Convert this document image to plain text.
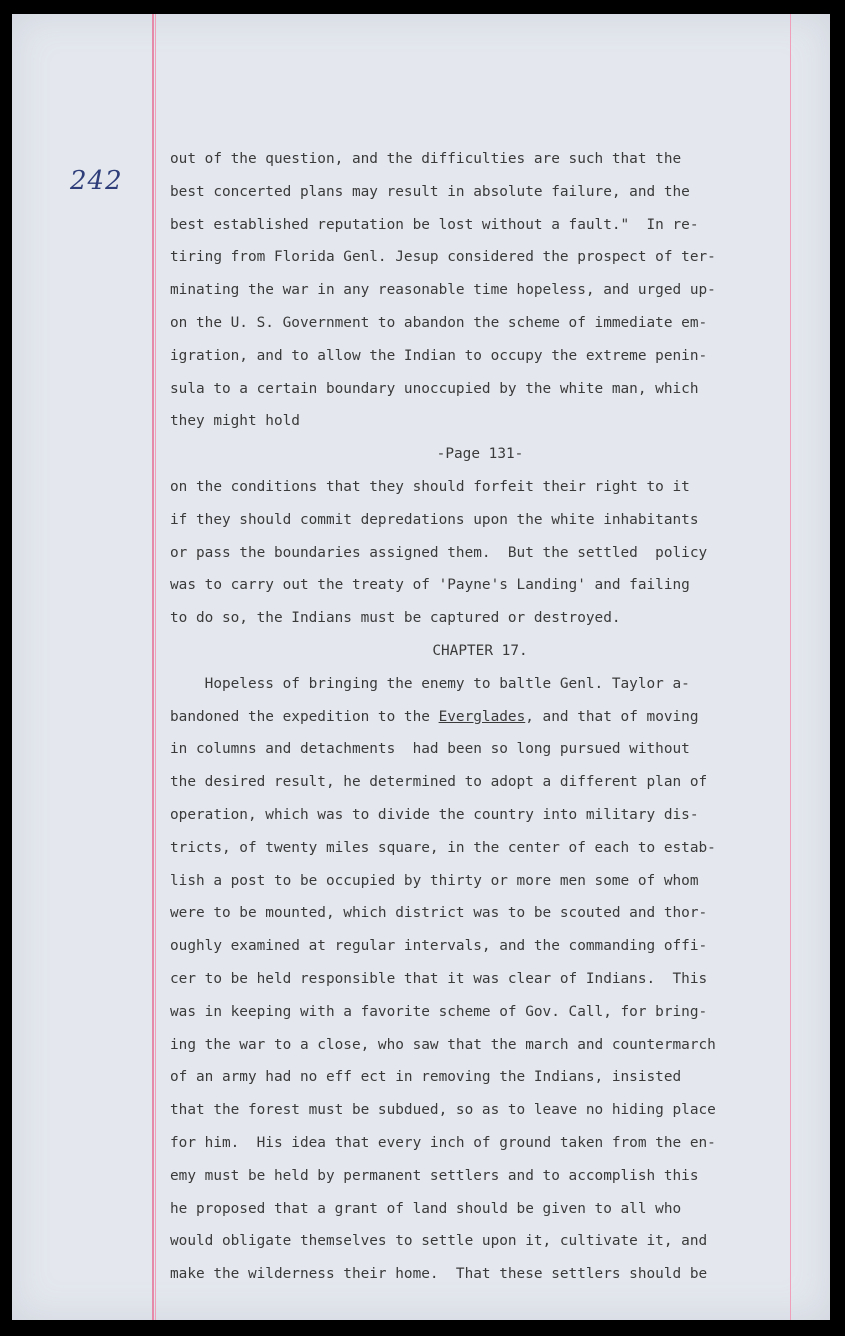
242
out of the question, and the difficulties are such that the
best concerted plans may result in absolute failure, and the
best established reputation be lost without a fault."  In re-
tiring from Florida Genl. Jesup considered the prospect of ter-
minating the war in any reasonable time hopeless, and urged up-
on the U. S. Government to abandon the scheme of immediate em-
igration, and to allow the Indian to occupy the extreme penin-
sula to a certain boundary unoccupied by the white man, which
they might hold
-Page 131-
on the conditions that they should forfeit their right to it
if they should commit depredations upon the white inhabitants
or pass the boundaries assigned them.  But the settled  policy
was to carry out the treaty of 'Payne's Landing' and failing
to do so, the Indians must be captured or destroyed.
CHAPTER 17.
Hopeless of bringing the enemy to baltle Genl. Taylor a-
bandoned the expedition to the Everglades, and that of moving
in columns and detachments  had been so long pursued without
the desired result, he determined to adopt a different plan of
operation, which was to divide the country into military dis-
tricts, of twenty miles square, in the center of each to estab-
lish a post to be occupied by thirty or more men some of whom
were to be mounted, which district was to be scouted and thor-
oughly examined at regular intervals, and the commanding offi-
cer to be held responsible that it was clear of Indians.  This
was in keeping with a favorite scheme of Gov. Call, for bring-
ing the war to a close, who saw that the march and countermarch
of an army had no eff ect in removing the Indians, insisted
that the forest must be subdued, so as to leave no hiding place
for him.  His idea that every inch of ground taken from the en-
emy must be held by permanent settlers and to accomplish this
he proposed that a grant of land should be given to all who
would obligate themselves to settle upon it, cultivate it, and
make the wilderness their home.  That these settlers should be
